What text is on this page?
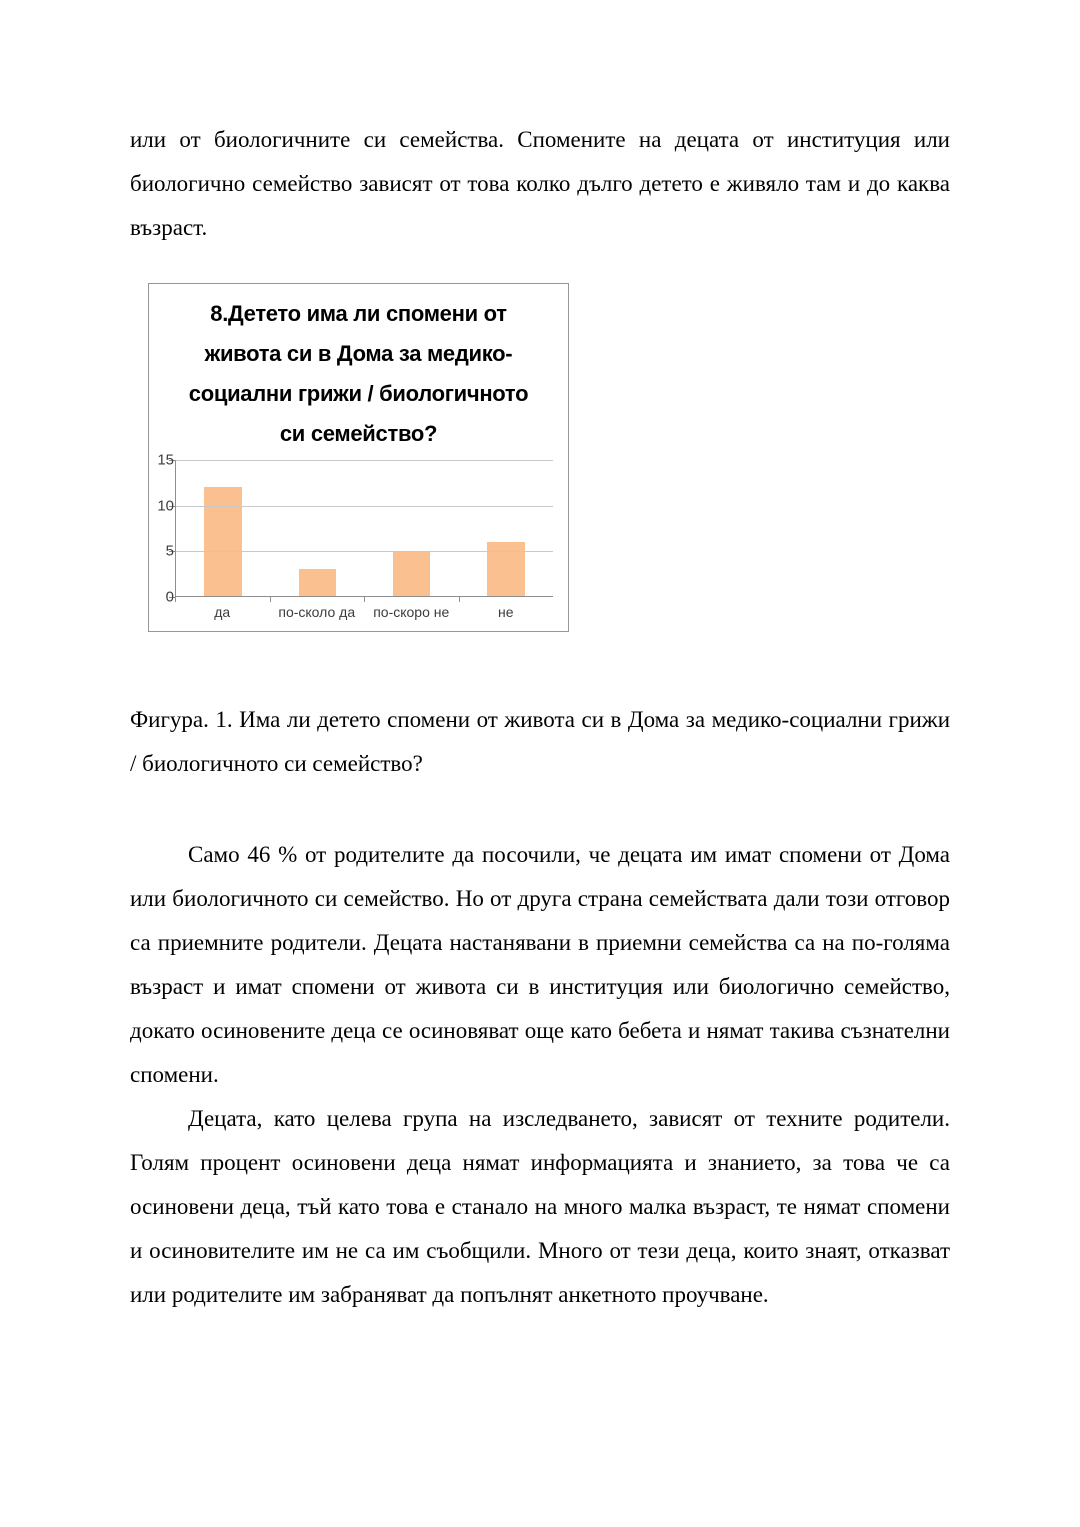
или от биологичните си семейства. Спомените на децата от институция или биологично семейство зависят от това колко дълго детето е живяло там и до каква възраст.

8.Детето има ли спомени от живота си в Дома за медико-социални грижи / биологичното си семейство?
0
5
10
15
да	по-сколо да	по-скоро не	не

Фигура. 1. Има ли детето спомени от живота си в Дома за медико-социални грижи / биологичното си семейство?

Само 46 % от родителите да посочили, че децата им имат спомени от Дома или биологичното си семейство. Но от друга страна семействата дали този отговор са приемните родители. Децата настанявани в приемни семейства са на по-голяма възраст и имат спомени от живота си в институция или биологично семейство, докато осиновените деца се осиновяват още като бебета и нямат такива съзнателни спомени.

Децата, като целева група на изследването, зависят от техните родители. Голям процент осиновени деца нямат информацията и знанието, за това че са осиновени деца, тъй като това е станало на много малка възраст, те нямат спомени и осиновителите им не са им съобщили. Много от тези деца, които знаят, отказват или родителите им забраняват да попълнят анкетното проучване.
